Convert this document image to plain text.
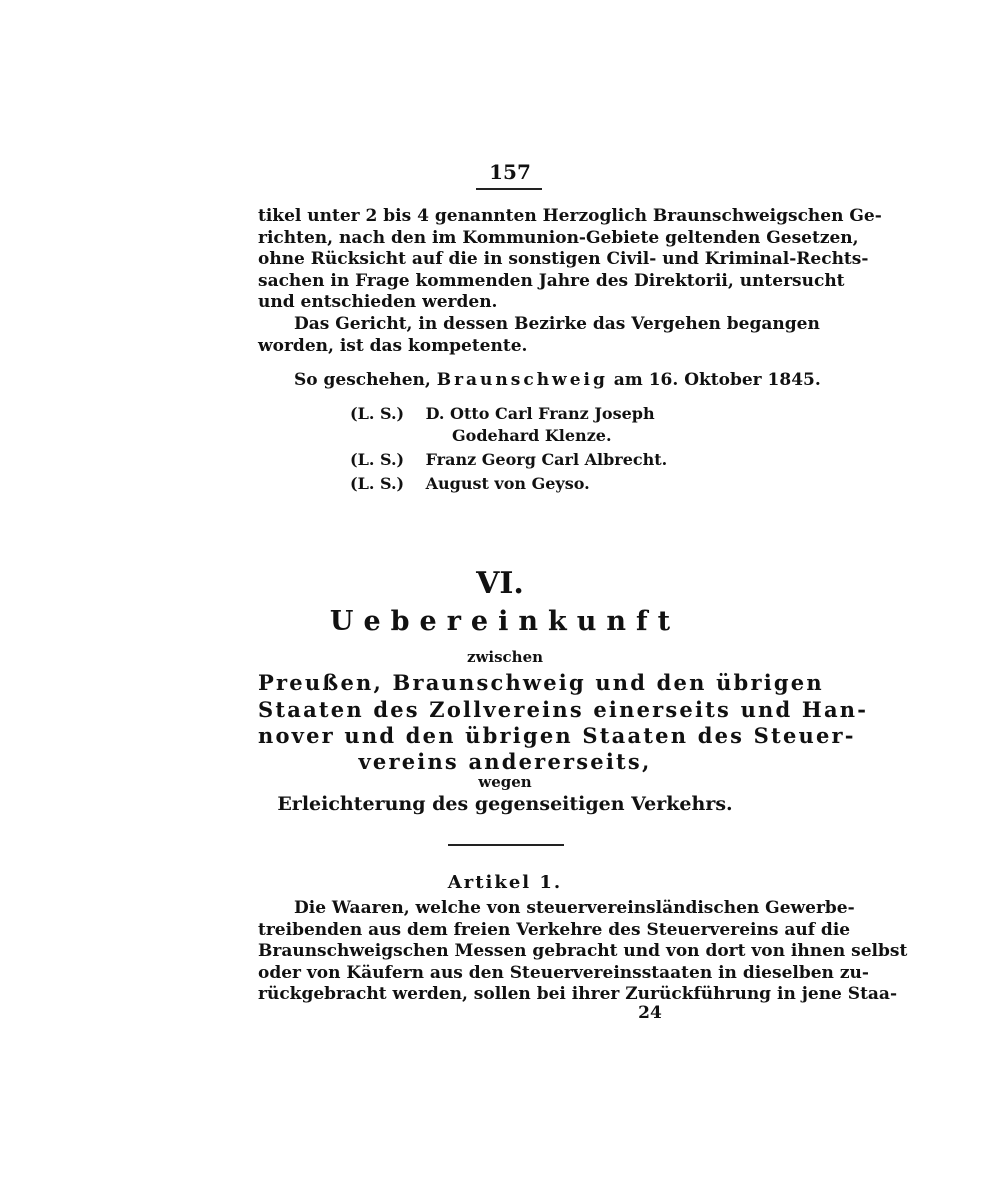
157
tikel unter 2 bis 4 genannten Herzoglich Braunschweigschen Ge-
richten, nach den im Kommunion-Gebiete geltenden Gesetzen,
ohne Rücksicht auf die in sonstigen Civil- und Kriminal-Rechts-
sachen in Frage kommenden Jahre des Direktorii, untersucht
und entschieden werden.
Das Gericht, in dessen Bezirke das Vergehen begangen
worden, ist das kompetente.
So geschehen, Braunschweig am 16. Oktober 1845.
(L. S.) D. Otto Carl Franz Joseph
Godehard Klenze.
(L. S.) Franz Georg Carl Albrecht.
(L. S.) August von Geyso.
VI.
Uebereinkunft
zwischen
Preußen, Braunschweig und den übrigen
Staaten des Zollvereins einerseits und Han-
nover und den übrigen Staaten des Steuer-
vereins andererseits,
wegen
Erleichterung des gegenseitigen Verkehrs.
Artikel 1.
Die Waaren, welche von steuervereinsländischen Gewerbe-
treibenden aus dem freien Verkehre des Steuervereins auf die
Braunschweigschen Messen gebracht und von dort von ihnen selbst
oder von Käufern aus den Steuervereinsstaaten in dieselben zu-
rückgebracht werden, sollen bei ihrer Zurückführung in jene Staa-
24
